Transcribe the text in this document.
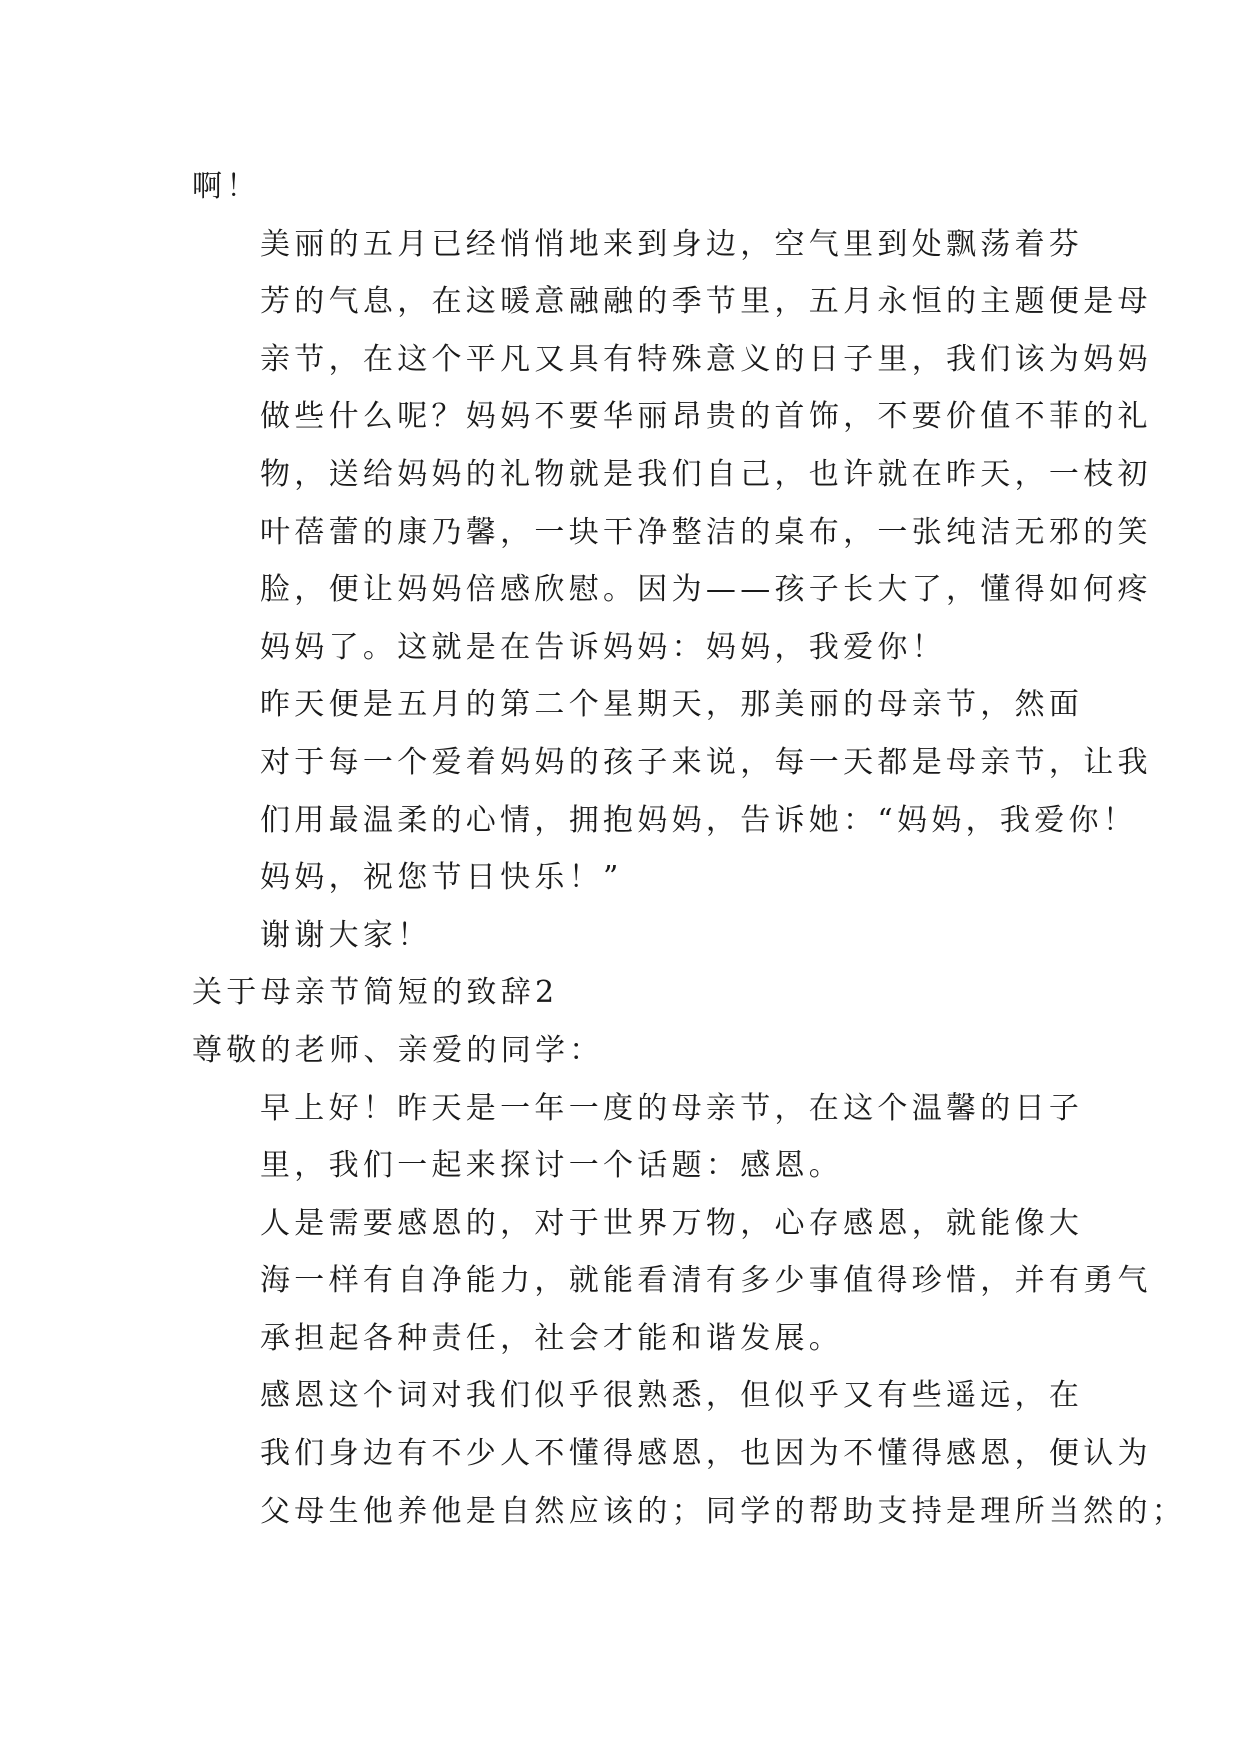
啊！
美丽的五月已经悄悄地来到身边，空气里到处飘荡着芬
芳的气息，在这暖意融融的季节里，五月永恒的主题便是母
亲节，在这个平凡又具有特殊意义的日子里，我们该为妈妈
做些什么呢？妈妈不要华丽昂贵的首饰，不要价值不菲的礼
物，送给妈妈的礼物就是我们自己，也许就在昨天，一枝初
叶蓓蕾的康乃馨，一块干净整洁的桌布，一张纯洁无邪的笑
脸，便让妈妈倍感欣慰。因为——孩子长大了，懂得如何疼
妈妈了。这就是在告诉妈妈：妈妈，我爱你！
昨天便是五月的第二个星期天，那美丽的母亲节，然面
对于每一个爱着妈妈的孩子来说，每一天都是母亲节，让我
们用最温柔的心情，拥抱妈妈，告诉她：“妈妈，我爱你！
妈妈，祝您节日快乐！”
谢谢大家！
关于母亲节简短的致辞2
尊敬的老师、亲爱的同学：
早上好！昨天是一年一度的母亲节，在这个温馨的日子
里，我们一起来探讨一个话题：感恩。
人是需要感恩的，对于世界万物，心存感恩，就能像大
海一样有自净能力，就能看清有多少事值得珍惜，并有勇气
承担起各种责任，社会才能和谐发展。
感恩这个词对我们似乎很熟悉，但似乎又有些遥远，在
我们身边有不少人不懂得感恩，也因为不懂得感恩，便认为
父母生他养他是自然应该的；同学的帮助支持是理所当然的；
